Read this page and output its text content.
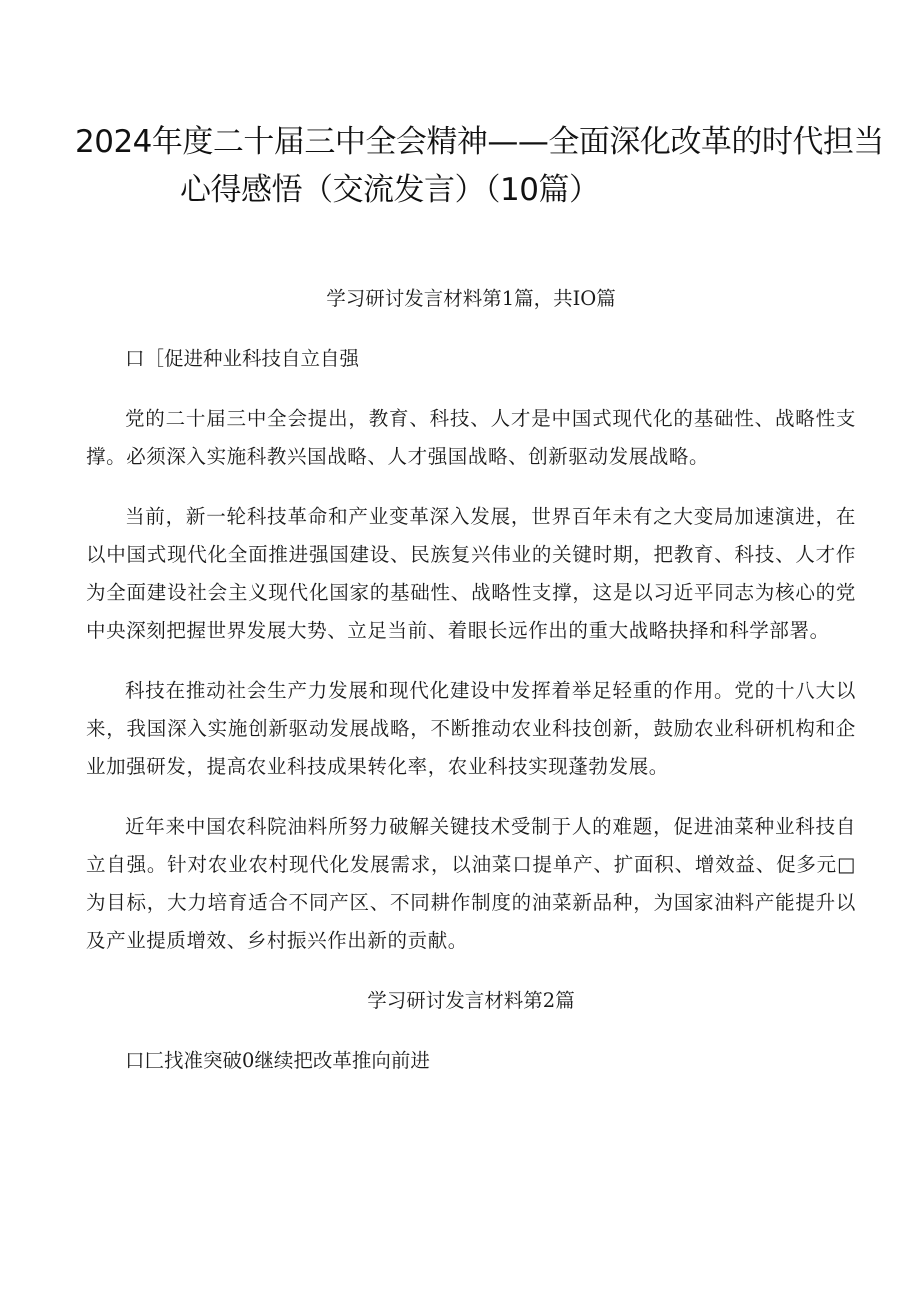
2024年度二十届三中全会精神——全面深化改革的时代担当
心得感悟（交流发言）（10篇）

学习研讨发言材料第1篇，共IO篇

口［促进种业科技自立自强

党的二十届三中全会提出，教育、科技、人才是中国式现代化的基础性、战略性支撑。必须深入实施科教兴国战略、人才强国战略、创新驱动发展战略。

当前，新一轮科技革命和产业变革深入发展，世界百年未有之大变局加速演进，在以中国式现代化全面推进强国建设、民族复兴伟业的关键时期，把教育、科技、人才作为全面建设社会主义现代化国家的基础性、战略性支撑，这是以习近平同志为核心的党中央深刻把握世界发展大势、立足当前、着眼长远作出的重大战略抉择和科学部署。

科技在推动社会生产力发展和现代化建设中发挥着举足轻重的作用。党的十八大以来，我国深入实施创新驱动发展战略，不断推动农业科技创新，鼓励农业科研机构和企业加强研发，提高农业科技成果转化率，农业科技实现蓬勃发展。

近年来中国农科院油料所努力破解关键技术受制于人的难题，促进油菜种业科技自立自强。针对农业农村现代化发展需求，以油菜口提单产、扩面积、增效益、促多元□为目标，大力培育适合不同产区、不同耕作制度的油菜新品种，为国家油料产能提升以及产业提质增效、乡村振兴作出新的贡献。

学习研讨发言材料第2篇

口匚找准突破0继续把改革推向前进
